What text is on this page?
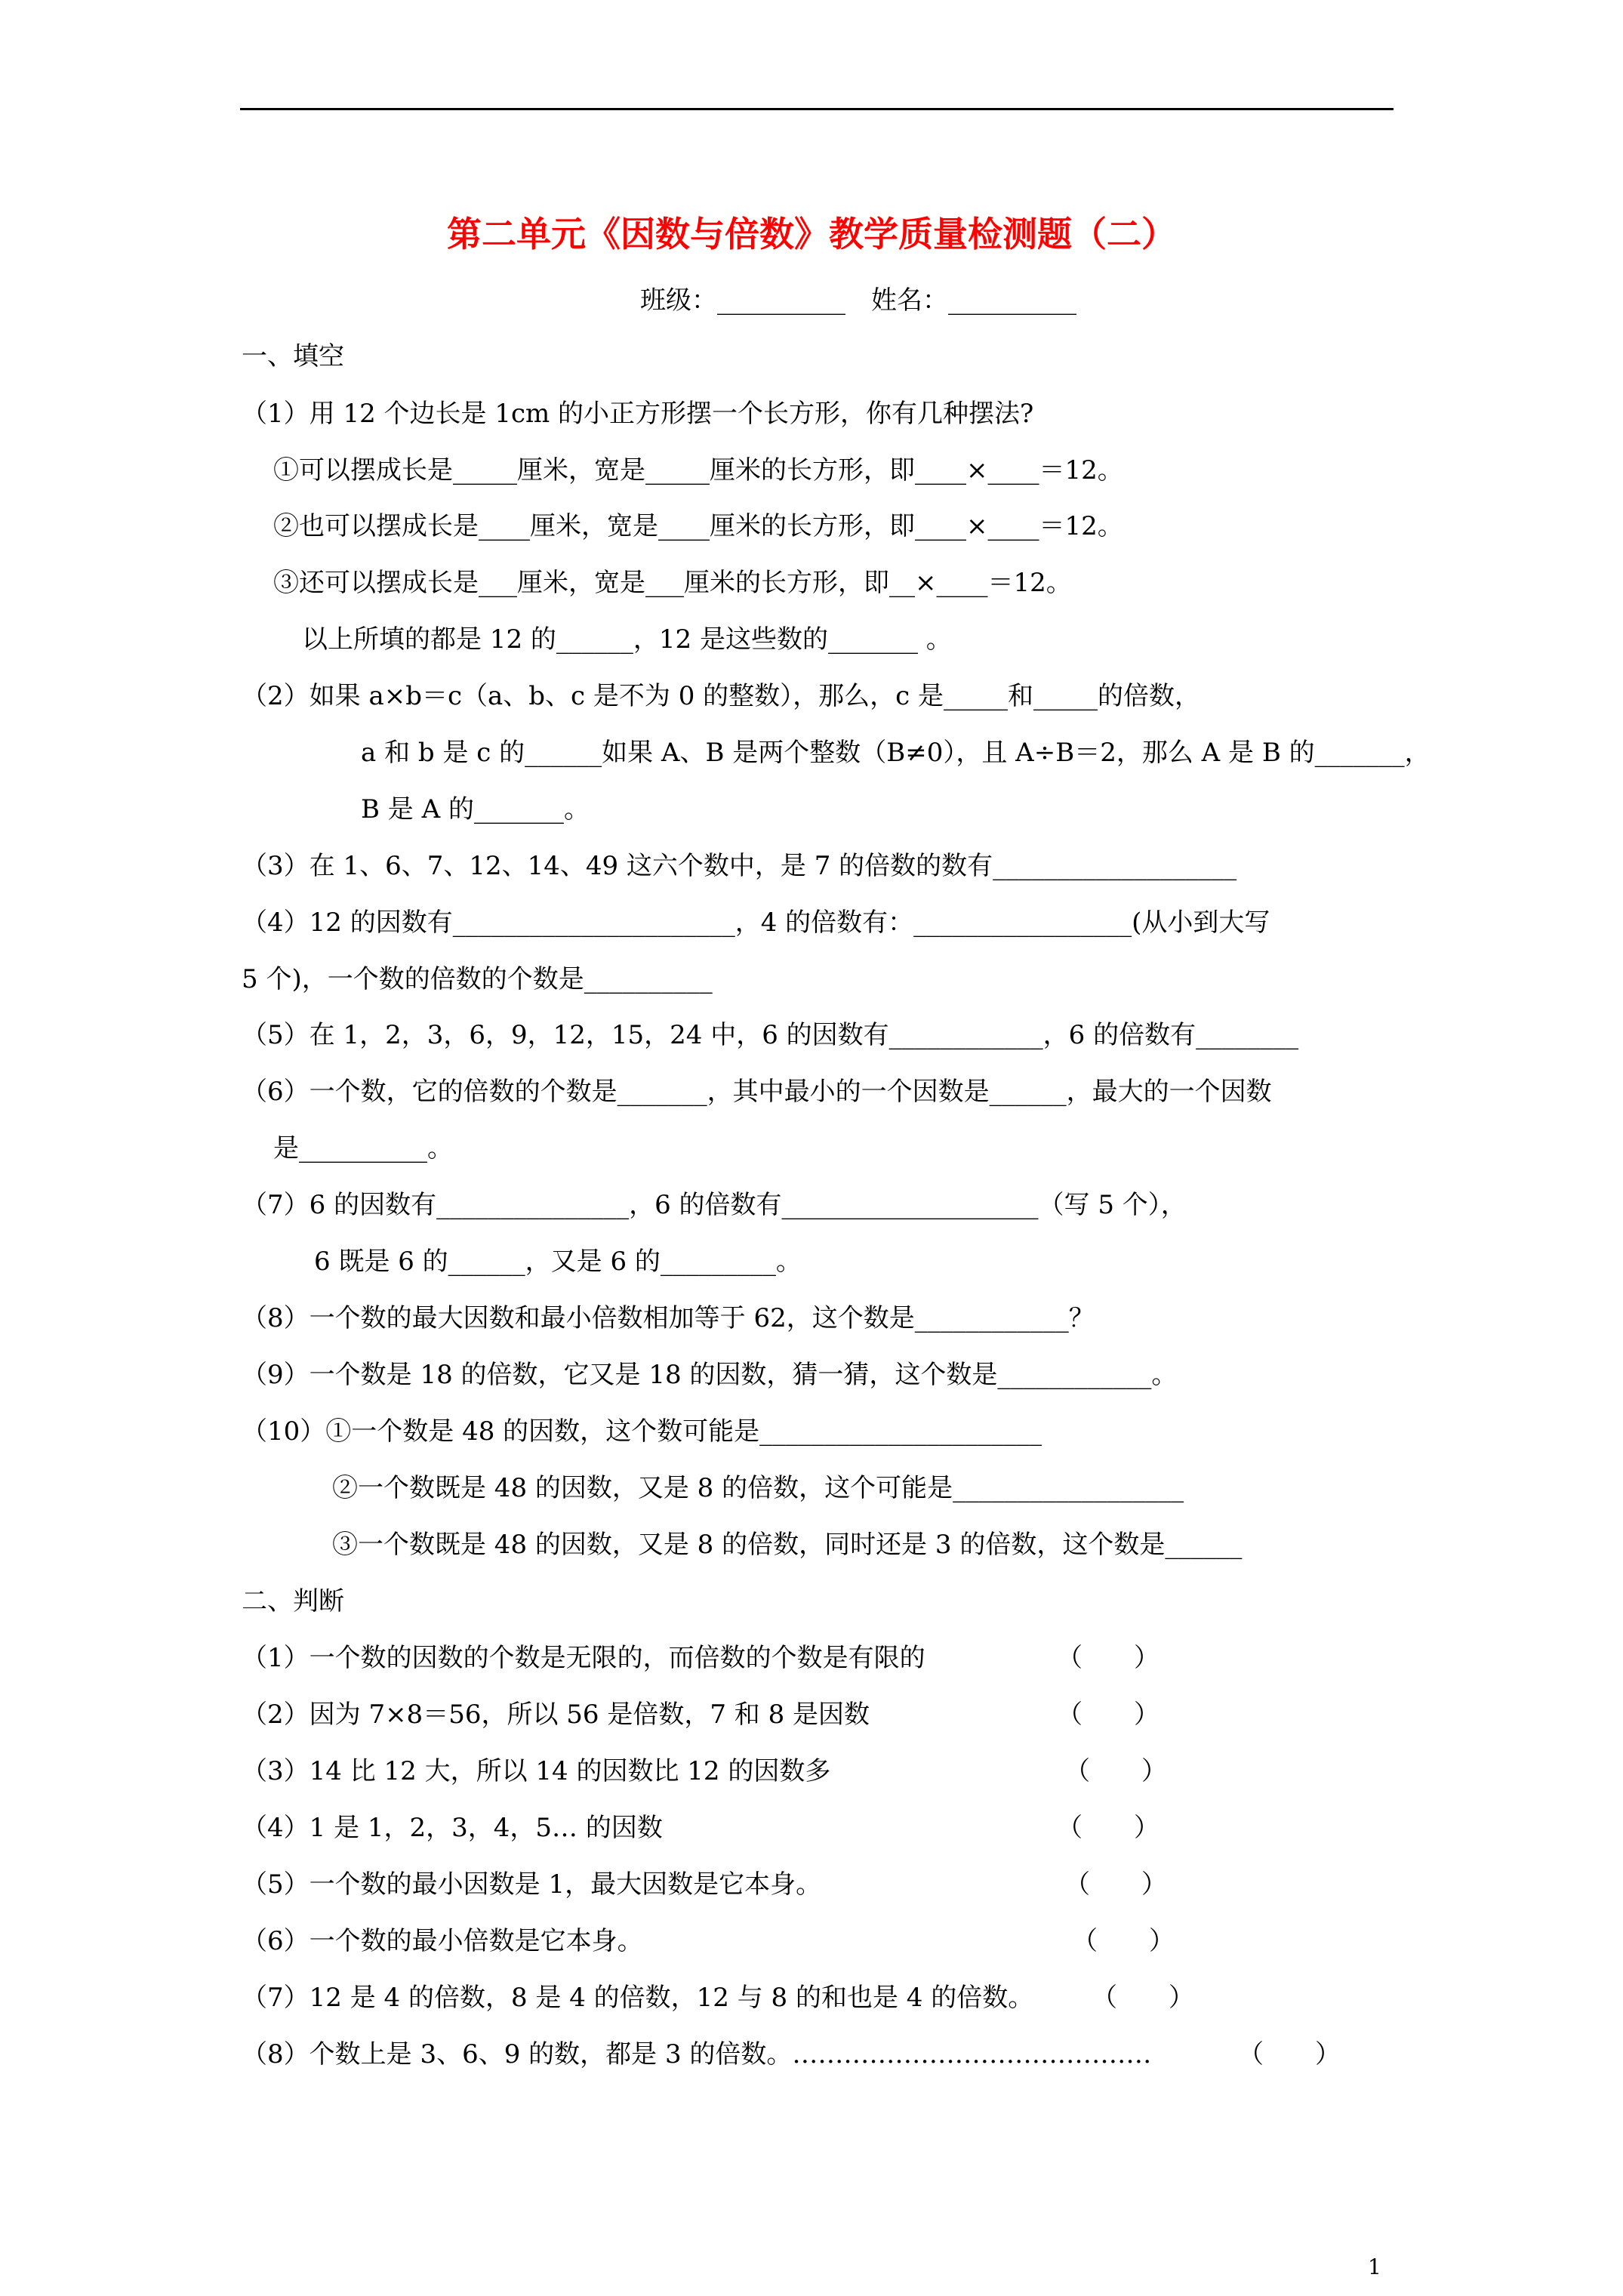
第二单元《因数与倍数》教学质量检测题（二）
班级：__________　姓名：__________
一、填空
（1）用 12 个边长是 1cm 的小正方形摆一个长方形，你有几种摆法?
①可以摆成长是_____厘米，宽是_____厘米的长方形，即____×____＝12。
②也可以摆成长是____厘米，宽是____厘米的长方形，即____×____＝12。
③还可以摆成长是___厘米，宽是___厘米的长方形，即__×____＝12。
以上所填的都是 12 的______，12 是这些数的_______ 。
（2）如果 a×b＝c（a、b、c 是不为 0 的整数），那么，c 是_____和_____的倍数，
a 和 b 是 c 的______如果 A、B 是两个整数（B≠0），且 A÷B＝2，那么 A 是 B 的_______，
B 是 A 的_______。
（3）在 1、6、7、12、14、49 这六个数中，是 7 的倍数的数有___________________
（4）12 的因数有______________________，4 的倍数有：_________________(从小到大写
5 个)，一个数的倍数的个数是__________
（5）在 1，2，3，6，9，12，15，24 中，6 的因数有____________，6 的倍数有________
（6）一个数，它的倍数的个数是_______，其中最小的一个因数是______，最大的一个因数
是__________。
（7）6 的因数有_______________，6 的倍数有____________________（写 5 个），
6 既是 6 的______，又是 6 的_________。
（8）一个数的最大因数和最小倍数相加等于 62，这个数是____________？
（9）一个数是 18 的倍数，它又是 18 的因数，猜一猜，这个数是____________。
（10）①一个数是 48 的因数，这个数可能是______________________
②一个数既是 48 的因数，又是 8 的倍数，这个可能是__________________
③一个数既是 48 的因数，又是 8 的倍数，同时还是 3 的倍数，这个数是______
二、判断
（1）一个数的因数的个数是无限的，而倍数的个数是有限的	（　　）
（2）因为 7×8＝56，所以 56 是倍数，7 和 8 是因数	（　　）
（3）14 比 12 大，所以 14 的因数比 12 的因数多	（　　）
（4）1 是 1，2，3，4，5… 的因数	（　　）
（5）一个数的最小因数是 1，最大因数是它本身。	（　　）
（6）一个数的最小倍数是它本身。	（　　）
（7）12 是 4 的倍数，8 是 4 的倍数，12 与 8 的和也是 4 的倍数。 （　　）
（8）个数上是 3、6、9 的数，都是 3 的倍数。……………………………………	（　　）
1
